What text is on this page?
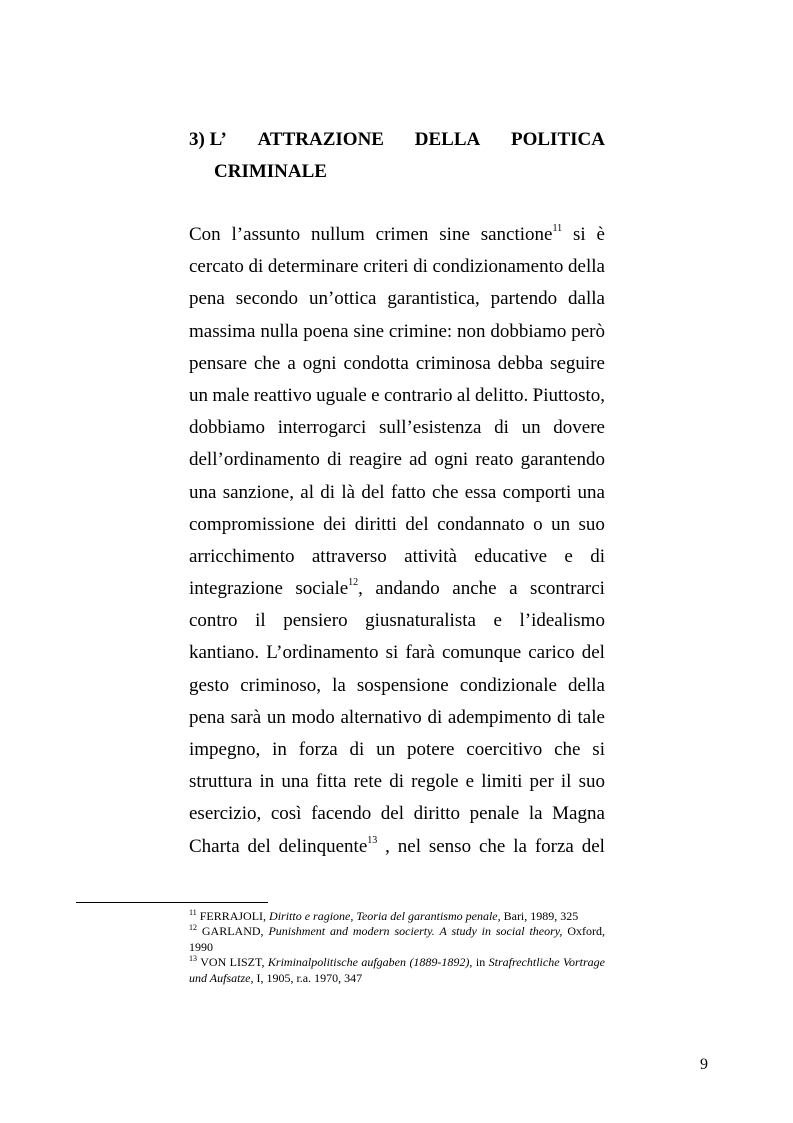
3) L’ ATTRAZIONE DELLA POLITICA
CRIMINALE
Con l’assunto nullum crimen sine sanctione$^{11}$ si è
cercato di determinare criteri di condizionamento della
pena secondo un’ottica garantistica, partendo dalla
massima nulla poena sine crimine: non dobbiamo però
pensare che a ogni condotta criminosa debba seguire
un male reattivo uguale e contrario al delitto. Piuttosto,
dobbiamo interrogarci sull’esistenza di un dovere
dell’ordinamento di reagire ad ogni reato garantendo
una sanzione, al di là del fatto che essa comporti una
compromissione dei diritti del condannato o un suo
arricchimento attraverso attività educative e di
integrazione sociale$^{12}$, andando anche a scontrarci
contro il pensiero giusnaturalista e l’idealismo
kantiano. L’ordinamento si farà comunque carico del
gesto criminoso, la sospensione condizionale della
pena sarà un modo alternativo di adempimento di tale
impegno, in forza di un potere coercitivo che si
struttura in una fitta rete di regole e limiti per il suo
esercizio, così facendo del diritto penale la Magna
Charta del delinquente$^{13}$ , nel senso che la forza del
$^{11}$ FERRAJOLI, Diritto e ragione, Teoria del garantismo penale, Bari, 1989, 325
$^{12}$ GARLAND, Punishment and modern socierty. A study in social theory, Oxford, 1990
$^{13}$ VON LISZT, Kriminalpolitische aufgaben (1889-1892), in Strafrechtliche Vortrage und Aufsatze, I, 1905, r.a. 1970, 347
9
